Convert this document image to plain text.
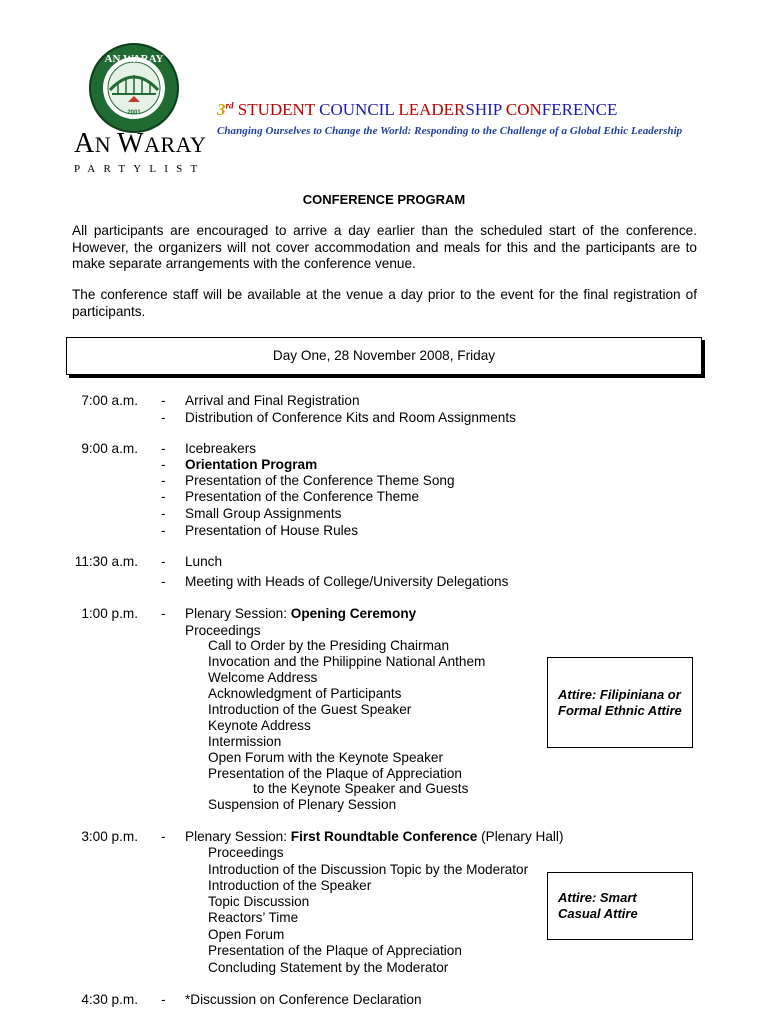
AN WARAY
2001
AN WARAY
PARTYLIST
3rd STUDENT COUNCIL LEADERSHIP CONFERENCE
Changing Ourselves to Change the World: Responding to the Challenge of a Global Ethic Leadership
CONFERENCE PROGRAM
All participants are encouraged to arrive a day earlier than the scheduled start of the conference. However, the organizers will not cover accommodation and meals for this and the participants are to make separate arrangements with the conference venue.
The conference staff will be available at the venue a day prior to the event for the final registration of participants.
Day One, 28 November 2008, Friday
7:00 a.m. - Arrival and Final Registration
- Distribution of Conference Kits and Room Assignments
9:00 a.m. - Icebreakers
- Orientation Program
- Presentation of the Conference Theme Song
- Presentation of the Conference Theme
- Small Group Assignments
- Presentation of House Rules
11:30 a.m. - Lunch
- Meeting with Heads of College/University Delegations
1:00 p.m. - Plenary Session: Opening Ceremony
Proceedings
Call to Order by the Presiding Chairman
Invocation and the Philippine National Anthem
Welcome Address
Acknowledgment of Participants
Introduction of the Guest Speaker
Keynote Address
Intermission
Open Forum with the Keynote Speaker
Presentation of the Plaque of Appreciation
to the Keynote Speaker and Guests
Suspension of Plenary Session
Attire: Filipiniana or Formal Ethnic Attire
3:00 p.m. - Plenary Session: First Roundtable Conference (Plenary Hall)
Proceedings
Introduction of the Discussion Topic by the Moderator
Introduction of the Speaker
Topic Discussion
Reactors’ Time
Open Forum
Presentation of the Plaque of Appreciation
Concluding Statement by the Moderator
Attire: Smart Casual Attire
4:30 p.m. - *Discussion on Conference Declaration
